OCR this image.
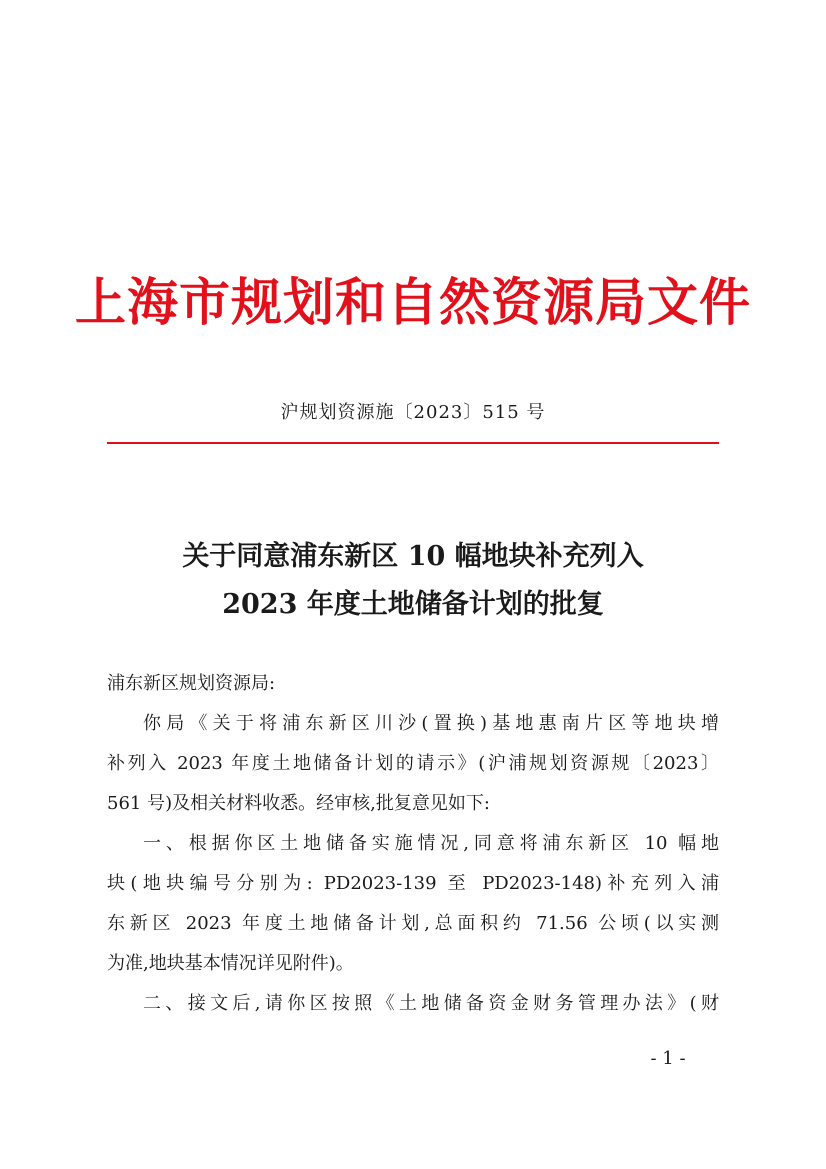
上海市规划和自然资源局文件
沪规划资源施〔2023〕515 号
关于同意浦东新区 10 幅地块补充列入
2023 年度土地储备计划的批复
浦东新区规划资源局:
你局《关于将浦东新区川沙(置换)基地惠南片区等地块增
补列入 2023 年度土地储备计划的请示》(沪浦规划资源规〔2023〕
561 号)及相关材料收悉。经审核,批复意见如下:
一、根据你区土地储备实施情况,同意将浦东新区 10 幅地
块(地块编号分别为: PD2023-139 至 PD2023-148)补充列入浦
东新区 2023 年度土地储备计划,总面积约 71.56 公顷(以实测
为准,地块基本情况详见附件)。
二、接文后,请你区按照《土地储备资金财务管理办法》(财
- 1 -
